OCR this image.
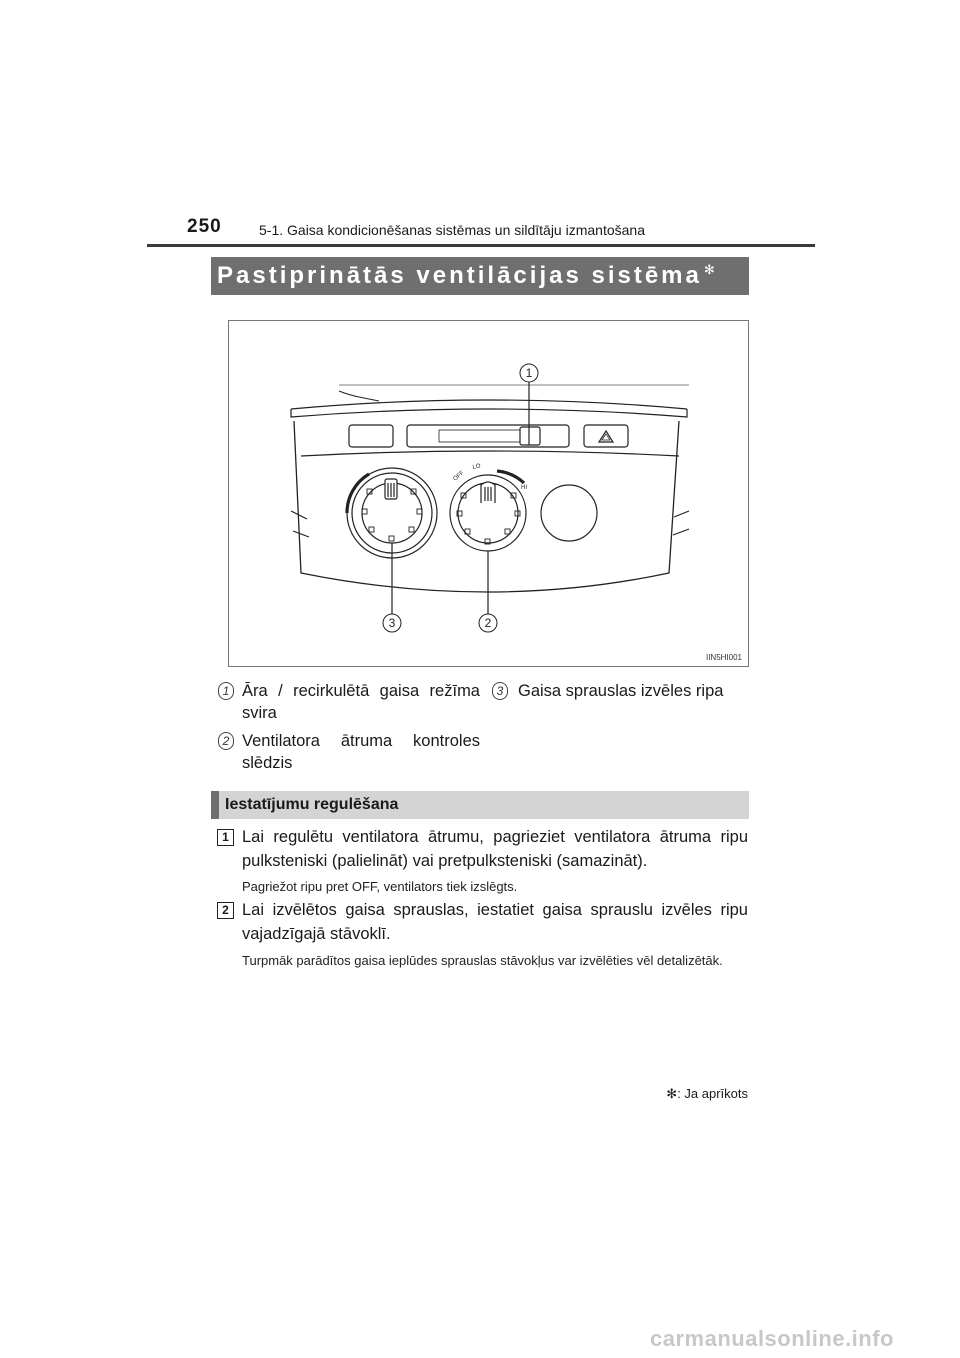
250	5-1. Gaisa kondicionēšanas sistēmas un sildītāju izmantošana
Pastiprinātās ventilācijas sistēma ✻
OFF
LO
HI
1
2
3
IIN5HI001
1 Āra / recirkulētā gaisa režīma svira
2 Ventilatora ātruma kontroles slēdzis
3 Gaisa sprauslas izvēles ripa
Iestatījumu regulēšana
1 Lai regulētu ventilatora ātrumu, pagrieziet ventilatora ātruma ripu pulksteniski (palielināt) vai pretpulksteniski (samazināt).
Pagriežot ripu pret OFF, ventilators tiek izslēgts.
2 Lai izvēlētos gaisa sprauslas, iestatiet gaisa sprauslu izvēles ripu vajadzīgajā stāvoklī.
Turpmāk parādītos gaisa ieplūdes sprauslas stāvokļus var izvēlēties vēl detalizētāk.
✻: Ja aprīkots
carmanualsonline.info
